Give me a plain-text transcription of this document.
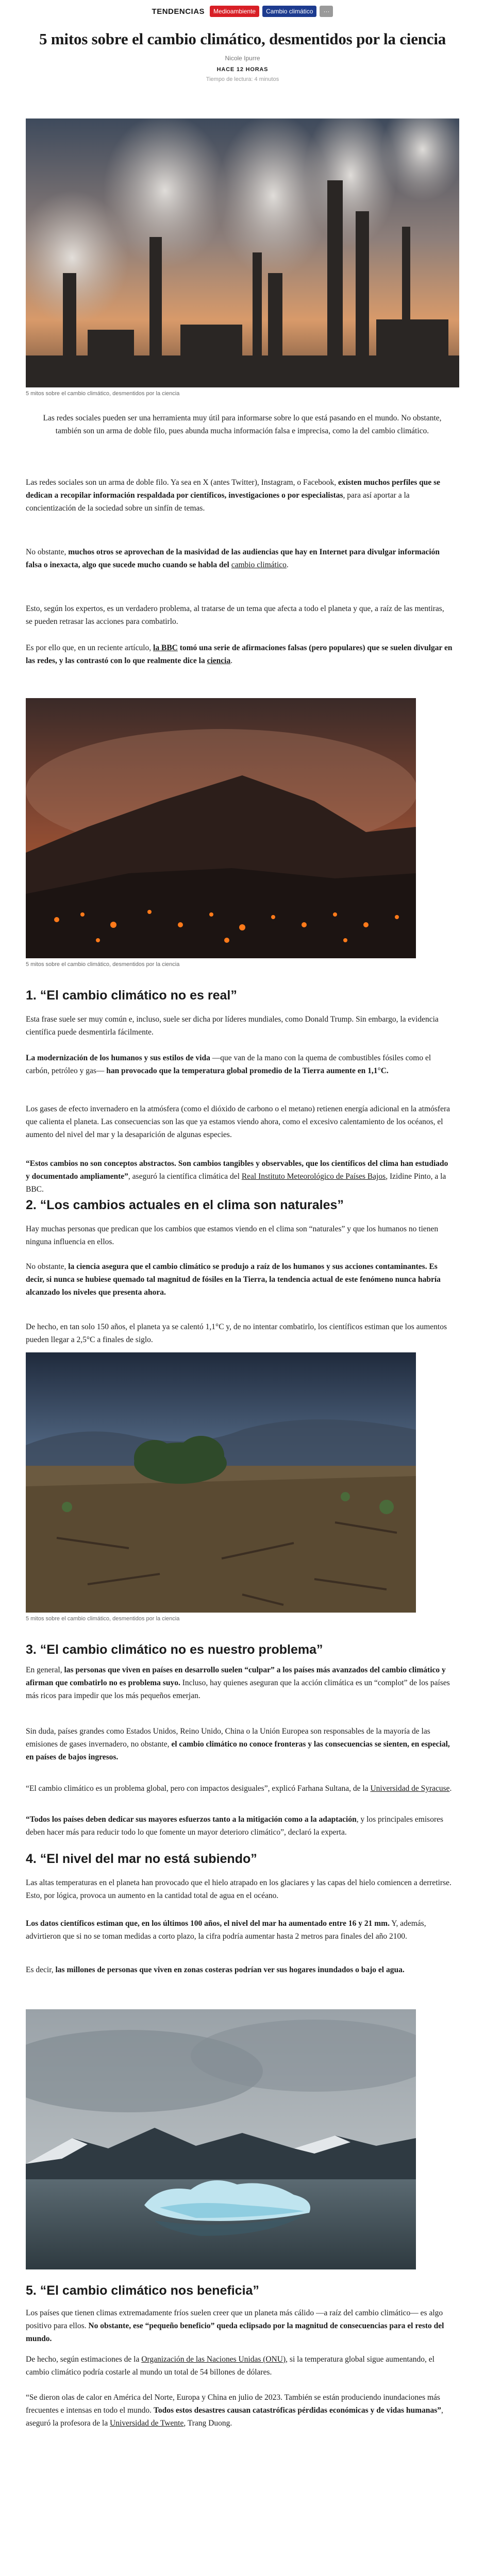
TENDENCIAS	Medioambiente	Cambio climático	···
5 mitos sobre el cambio climático, desmentidos por la ciencia
Nicole Ipurre
HACE 12 HORAS
Tiempo de lectura: 4 minutos
5 mitos sobre el cambio climático, desmentidos por la ciencia

Las redes sociales pueden ser una herramienta muy útil para informarse sobre lo que está pasando en el mundo. No obstante, también son un arma de doble filo, pues abunda mucha información falsa e imprecisa, como la del cambio climático.

Las redes sociales son un arma de doble filo. Ya sea en X (antes Twitter), Instagram, o Facebook, existen muchos perfiles que se dedican a recopilar información respaldada por científicos, investigaciones o por especialistas, para así aportar a la concientización de la sociedad sobre un sinfín de temas.

No obstante, muchos otros se aprovechan de la masividad de las audiencias que hay en Internet para divulgar información falsa o inexacta, algo que sucede mucho cuando se habla del cambio climático.

Esto, según los expertos, es un verdadero problema, al tratarse de un tema que afecta a todo el planeta y que, a raíz de las mentiras, se pueden retrasar las acciones para combatirlo.

Es por ello que, en un reciente artículo, la BBC tomó una serie de afirmaciones falsas (pero populares) que se suelen divulgar en las redes, y las contrastó con lo que realmente dice la ciencia.

5 mitos sobre el cambio climático, desmentidos por la ciencia
1. “El cambio climático no es real”

Esta frase suele ser muy común e, incluso, suele ser dicha por líderes mundiales, como Donald Trump. Sin embargo, la evidencia científica puede desmentirla fácilmente.

La modernización de los humanos y sus estilos de vida —que van de la mano con la quema de combustibles fósiles como el carbón, petróleo y gas— han provocado que la temperatura global promedio de la Tierra aumente en 1,1°C.

Los gases de efecto invernadero en la atmósfera (como el dióxido de carbono o el metano) retienen energía adicional en la atmósfera que calienta el planeta. Las consecuencias son las que ya estamos viendo ahora, como el excesivo calentamiento de los océanos, el aumento del nivel del mar y la desaparición de algunas especies.

“Estos cambios no son conceptos abstractos. Son cambios tangibles y observables, que los científicos del clima han estudiado y documentado ampliamente”, aseguró la científica climática del Real Instituto Meteorológico de Países Bajos, Izidine Pinto, a la BBC.

2. “Los cambios actuales en el clima son naturales”

Hay muchas personas que predican que los cambios que estamos viendo en el clima son “naturales” y que los humanos no tienen ninguna influencia en ellos.

No obstante, la ciencia asegura que el cambio climático se produjo a raíz de los humanos y sus acciones contaminantes. Es decir, si nunca se hubiese quemado tal magnitud de fósiles en la Tierra, la tendencia actual de este fenómeno nunca habría alcanzado los niveles que presenta ahora.

De hecho, en tan solo 150 años, el planeta ya se calentó 1,1°C y, de no intentar combatirlo, los científicos estiman que los aumentos pueden llegar a 2,5°C a finales de siglo.

5 mitos sobre el cambio climático, desmentidos por la ciencia
3. “El cambio climático no es nuestro problema”

En general, las personas que viven en países en desarrollo suelen “culpar” a los países más avanzados del cambio climático y afirman que combatirlo no es problema suyo. Incluso, hay quienes aseguran que la acción climática es un “complot” de los países más ricos para impedir que los más pequeños emerjan.

Sin duda, países grandes como Estados Unidos, Reino Unido, China o la Unión Europea son responsables de la mayoría de las emisiones de gases invernadero, no obstante, el cambio climático no conoce fronteras y las consecuencias se sienten, en especial, en países de bajos ingresos.

“El cambio climático es un problema global, pero con impactos desiguales”, explicó Farhana Sultana, de la Universidad de Syracuse.

“Todos los países deben dedicar sus mayores esfuerzos tanto a la mitigación como a la adaptación, y los principales emisores deben hacer más para reducir todo lo que fomente un mayor deterioro climático”, declaró la experta.

4. “El nivel del mar no está subiendo”

Las altas temperaturas en el planeta han provocado que el hielo atrapado en los glaciares y las capas del hielo comiencen a derretirse. Esto, por lógica, provoca un aumento en la cantidad total de agua en el océano.

Los datos científicos estiman que, en los últimos 100 años, el nivel del mar ha aumentado entre 16 y 21 mm. Y, además, advirtieron que si no se toman medidas a corto plazo, la cifra podría aumentar hasta 2 metros para finales del año 2100.

Es decir, las millones de personas que viven en zonas costeras podrían ver sus hogares inundados o bajo el agua.

5. “El cambio climático nos beneficia”

Los países que tienen climas extremadamente fríos suelen creer que un planeta más cálido —a raíz del cambio climático— es algo positivo para ellos. No obstante, ese “pequeño beneficio” queda eclipsado por la magnitud de consecuencias para el resto del mundo.

De hecho, según estimaciones de la Organización de las Naciones Unidas (ONU), si la temperatura global sigue aumentando, el cambio climático podría costarle al mundo un total de 54 billones de dólares.

“Se dieron olas de calor en América del Norte, Europa y China en julio de 2023. También se están produciendo inundaciones más frecuentes e intensas en todo el mundo. Todos estos desastres causan catastróficas pérdidas económicas y de vidas humanas”, aseguró la profesora de la Universidad de Twente, Trang Duong.
